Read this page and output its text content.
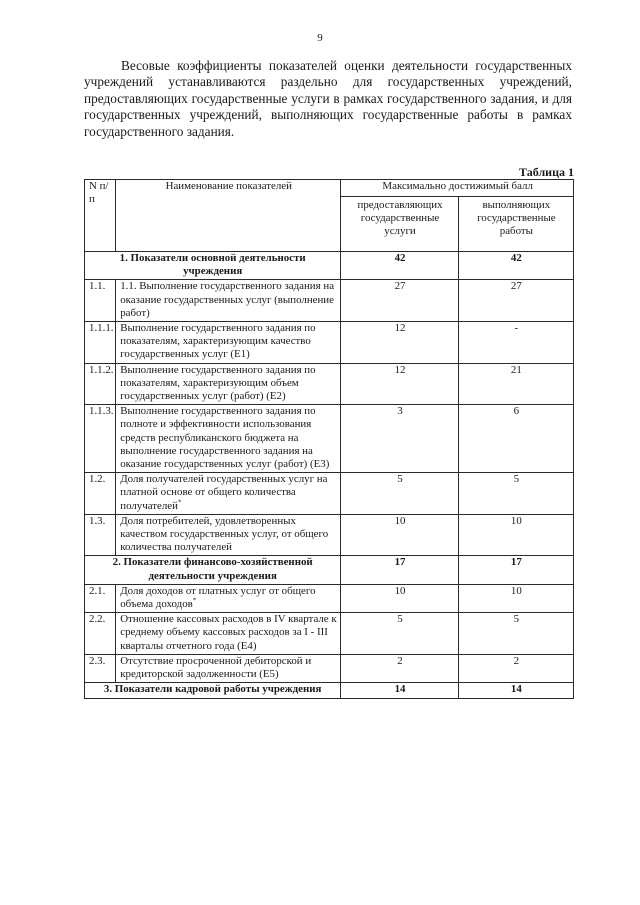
9

Весовые коэффициенты показателей оценки деятельности государственных учреждений устанавливаются раздельно для государственных учреждений, предоставляющих государственные услуги в рамках государственного задания, и для государственных учреждений, выполняющих государственные работы в рамках государственного задания.

Таблица 1
N п/п	Наименование показателей	Максимально достижимый балл	
		предоставляющих государственные услуги	выполняющих государственные работы
1. Показатели основной деятельности учреждения		42	42
1.1.	1.1. Выполнение государственного задания на оказание государственных услуг (выполнение работ)	27	27
1.1.1.	Выполнение государственного задания по показателям, характеризующим качество государственных услуг (Е1)	12	-
1.1.2.	Выполнение государственного задания по показателям, характеризующим объем государственных услуг (работ) (Е2)	12	21
1.1.3.	Выполнение государственного задания по полноте и эффективности использования средств республиканского бюджета на выполнение государственного задания на оказание государственных услуг (работ) (Е3)	3	6
1.2.	Доля получателей государственных услуг на платной основе от общего количества получателей*	5	5
1.3.	Доля потребителей, удовлетворенных качеством государственных услуг, от общего количества получателей	10	10
2. Показатели финансово-хозяйственной деятельности учреждения		17	17
2.1.	Доля доходов от платных услуг от общего объема доходов*	10	10
2.2.	Отношение кассовых расходов в IV квартале к среднему объему кассовых расходов за I - III кварталы отчетного года (Е4)	5	5
2.3.	Отсутствие просроченной дебиторской и кредиторской задолженности (Е5)	2	2
3. Показатели кадровой работы учреждения		14	14
